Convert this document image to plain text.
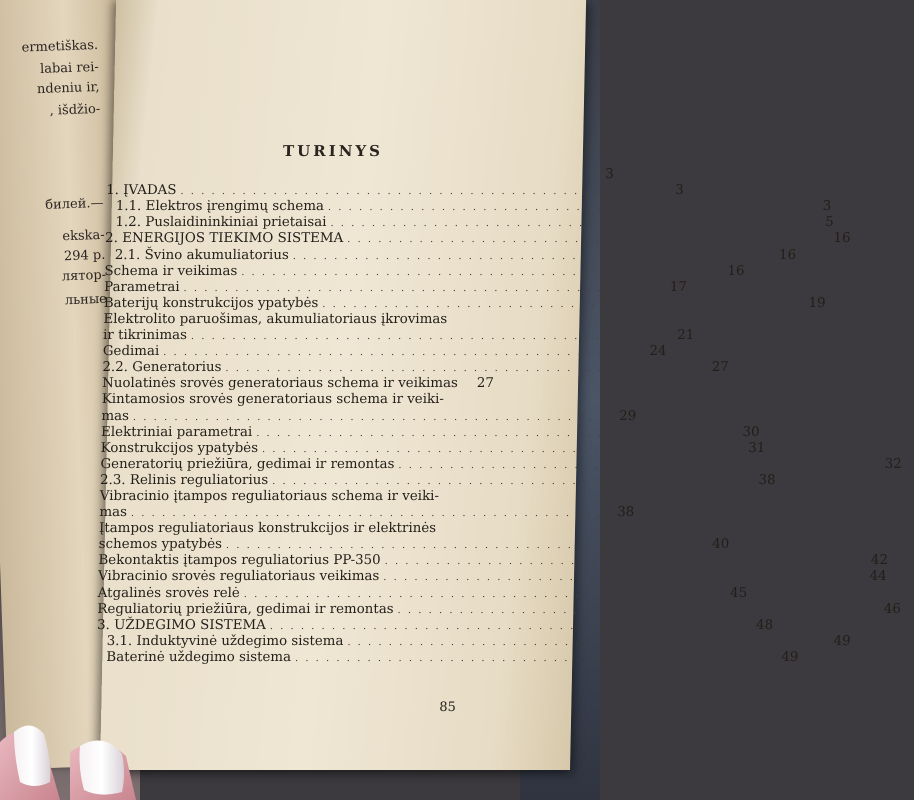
ermetiškas.
labai rei-
ndeniu ir,
, išdžio-
билей.—
ekska-
294 p.
лятор-
льные
TURINYS
3
1. ĮVADAS . . . . . . . . . . . . . . . . . . . . . . . . . . . . . . . . . . . . . . . . . . . . . .	3
1.1. Elektros įrengimų schema . . . . . . . . . . . . . . . . . . . . . . . . . . . . . . . . . . . . . . . . . . . . . .	3
1.2. Puslaidininkiniai prietaisai . . . . . . . . . . . . . . . . . . . . . . . . . . . . . . . . . . . . . . . . . . . . . .	5
2. ENERGIJOS TIEKIMO SISTEMA . . . . . . . . . . . . . . . . . . . . . . . . . . . . . . . . . . . . . . . . . . . . . .	16
2.1. Švino akumuliatorius . . . . . . . . . . . . . . . . . . . . . . . . . . . . . . . . . . . . . . . . . . . . . .	16
Schema ir veikimas . . . . . . . . . . . . . . . . . . . . . . . . . . . . . . . . . . . . . . . . . . . . . .	16
Parametrai . . . . . . . . . . . . . . . . . . . . . . . . . . . . . . . . . . . . . . . . . . . . . .	17
Baterijų konstrukcijos ypatybės . . . . . . . . . . . . . . . . . . . . . . . . . . . . . . . . . . . . . . . . . . . . . .	19
Elektrolito paruošimas, akumuliatoriaus įkrovimas
ir tikrinimas . . . . . . . . . . . . . . . . . . . . . . . . . . . . . . . . . . . . . . . . . . . . . .	21
Gedimai . . . . . . . . . . . . . . . . . . . . . . . . . . . . . . . . . . . . . . . . . . . . . .	24
2.2. Generatorius . . . . . . . . . . . . . . . . . . . . . . . . . . . . . . . . . . . . . . . . . . . . . .	27
Nuolatinės srovės generatoriaus schema ir veikimas	27
Kintamosios srovės generatoriaus schema ir veiki-
mas . . . . . . . . . . . . . . . . . . . . . . . . . . . . . . . . . . . . . . . . . . . . . .	29
Elektriniai parametrai . . . . . . . . . . . . . . . . . . . . . . . . . . . . . . . . . . . . . . . . . . . . . .	30
Konstrukcijos ypatybės . . . . . . . . . . . . . . . . . . . . . . . . . . . . . . . . . . . . . . . . . . . . . .	31
Generatorių priežiūra, gedimai ir remontas . . . . . . . . . . . . . . . . . . . . . . . . . . . . . . . . . . . . . . . . . . . . . .	32
2.3. Relinis reguliatorius . . . . . . . . . . . . . . . . . . . . . . . . . . . . . . . . . . . . . . . . . . . . . .	38
Vibracinio įtampos reguliatoriaus schema ir veiki-
mas . . . . . . . . . . . . . . . . . . . . . . . . . . . . . . . . . . . . . . . . . . . . . .	38
Įtampos reguliatoriaus konstrukcijos ir elektrinės
schemos ypatybės . . . . . . . . . . . . . . . . . . . . . . . . . . . . . . . . . . . . . . . . . . . . . .	40
Bekontaktis įtampos reguliatorius PP-350 . . . . . . . . . . . . . . . . . . . . . . . . . . . . . . . . . . . . . . . . . . . . . .	42
Vibracinio srovės reguliatoriaus veikimas . . . . . . . . . . . . . . . . . . . . . . . . . . . . . . . . . . . . . . . . . . . . . .	44
Atgalinės srovės relė . . . . . . . . . . . . . . . . . . . . . . . . . . . . . . . . . . . . . . . . . . . . . .	45
Reguliatorių priežiūra, gedimai ir remontas . . . . . . . . . . . . . . . . . . . . . . . . . . . . . . . . . . . . . . . . . . . . . .	46
3. UŽDEGIMO SISTEMA . . . . . . . . . . . . . . . . . . . . . . . . . . . . . . . . . . . . . . . . . . . . . .	48
3.1. Induktyvinė uždegimo sistema . . . . . . . . . . . . . . . . . . . . . . . . . . . . . . . . . . . . . . . . . . . . . .	49
Baterinė uždegimo sistema . . . . . . . . . . . . . . . . . . . . . . . . . . . . . . . . . . . . . . . . . . . . . .	49
85
